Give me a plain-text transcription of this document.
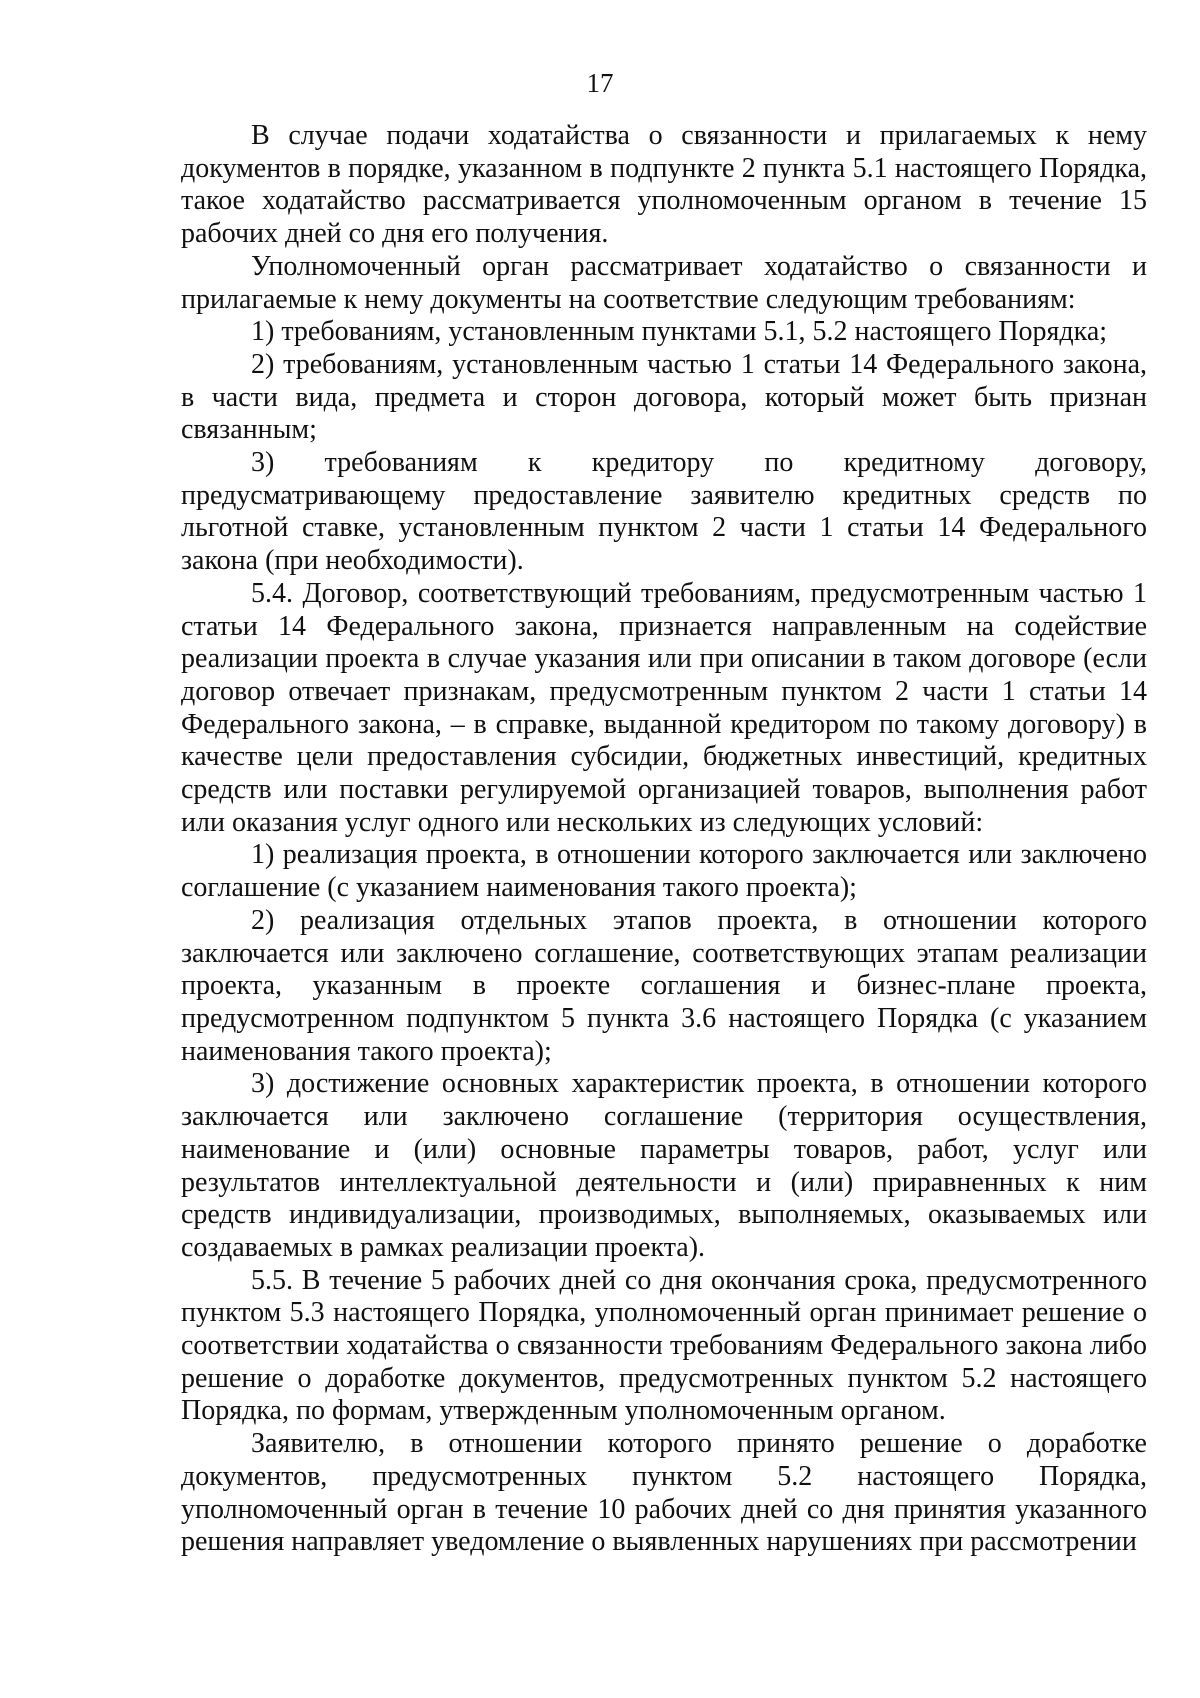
17

В случае подачи ходатайства о связанности и прилагаемых к нему документов в порядке, указанном в подпункте 2 пункта 5.1 настоящего Порядка, такое ходатайство рассматривается уполномоченным органом в течение 15 рабочих дней со дня его получения.

Уполномоченный орган рассматривает ходатайство о связанности и прилагаемые к нему документы на соответствие следующим требованиям:

1) требованиям, установленным пунктами 5.1, 5.2 настоящего Порядка;

2) требованиям, установленным частью 1 статьи 14 Федерального закона, в части вида, предмета и сторон договора, который может быть признан связанным;

3) требованиям к кредитору по кредитному договору, предусматривающему предоставление заявителю кредитных средств по льготной ставке, установленным пунктом 2 части 1 статьи 14 Федерального закона (при необходимости).

5.4. Договор, соответствующий требованиям, предусмотренным частью 1 статьи 14 Федерального закона, признается направленным на содействие реализации проекта в случае указания или при описании в таком договоре (если договор отвечает признакам, предусмотренным пунктом 2 части 1 статьи 14 Федерального закона, – в справке, выданной кредитором по такому договору) в качестве цели предоставления субсидии, бюджетных инвестиций, кредитных средств или поставки регулируемой организацией товаров, выполнения работ или оказания услуг одного или нескольких из следующих условий:

1) реализация проекта, в отношении которого заключается или заключено соглашение (с указанием наименования такого проекта);

2) реализация отдельных этапов проекта, в отношении которого заключается или заключено соглашение, соответствующих этапам реализации проекта, указанным в проекте соглашения и бизнес-плане проекта, предусмотренном подпунктом 5 пункта 3.6 настоящего Порядка (с указанием наименования такого проекта);

3) достижение основных характеристик проекта, в отношении которого заключается или заключено соглашение (территория осуществления, наименование и (или) основные параметры товаров, работ, услуг или результатов интеллектуальной деятельности и (или) приравненных к ним средств индивидуализации, производимых, выполняемых, оказываемых или создаваемых в рамках реализации проекта).

5.5. В течение 5 рабочих дней со дня окончания срока, предусмотренного пунктом 5.3 настоящего Порядка, уполномоченный орган принимает решение о соответствии ходатайства о связанности требованиям Федерального закона либо решение о доработке документов, предусмотренных пунктом 5.2 настоящего Порядка, по формам, утвержденным уполномоченным органом.

Заявителю, в отношении которого принято решение о доработке документов, предусмотренных пунктом 5.2 настоящего Порядка, уполномоченный орган в течение 10 рабочих дней со дня принятия указанного решения направляет уведомление о выявленных нарушениях при рассмотрении
